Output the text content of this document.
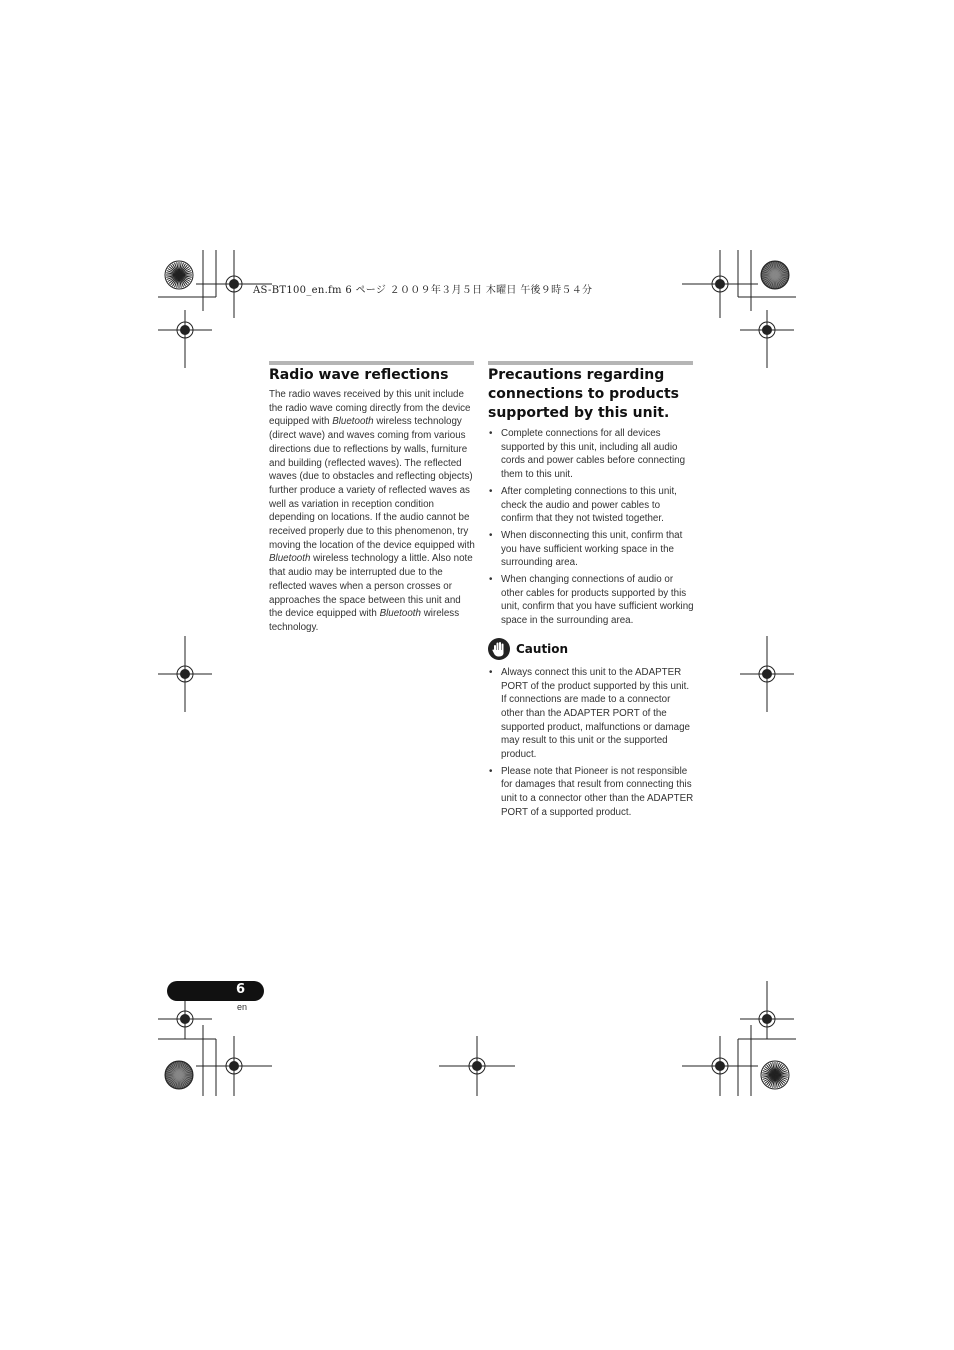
AS-BT100_en.fm 6 ページ ２００９年３月５日 木曜日 午後９時５４分
Radio wave reflections

The radio waves received by this unit include the radio wave coming directly from the device equipped with Bluetooth wireless technology (direct wave) and waves coming from various directions due to reflections by walls, furniture and building (reflected waves). The reflected waves (due to obstacles and reflecting objects) further produce a variety of reflected waves as well as variation in reception condition depending on locations. If the audio cannot be received properly due to this phenomenon, try moving the location of the device equipped with Bluetooth wireless technology a little. Also note that audio may be interrupted due to the reflected waves when a person crosses or approaches the space between this unit and the device equipped with Bluetooth wireless technology.

Precautions regarding connections to products supported by this unit.
• Complete connections for all devices supported by this unit, including all audio cords and power cables before connecting them to this unit.
• After completing connections to this unit, check the audio and power cables to confirm that they not twisted together.
• When disconnecting this unit, confirm that you have sufficient working space in the surrounding area.
• When changing connections of audio or other cables for products supported by this unit, confirm that you have sufficient working space in the surrounding area.
Caution
• Always connect this unit to the ADAPTER PORT of the product supported by this unit. If connections are made to a connector other than the ADAPTER PORT of the supported product, malfunctions or damage may result to this unit or the supported product.
• Please note that Pioneer is not responsible for damages that result from connecting this unit to a connector other than the ADAPTER PORT of a supported product.
6
en
